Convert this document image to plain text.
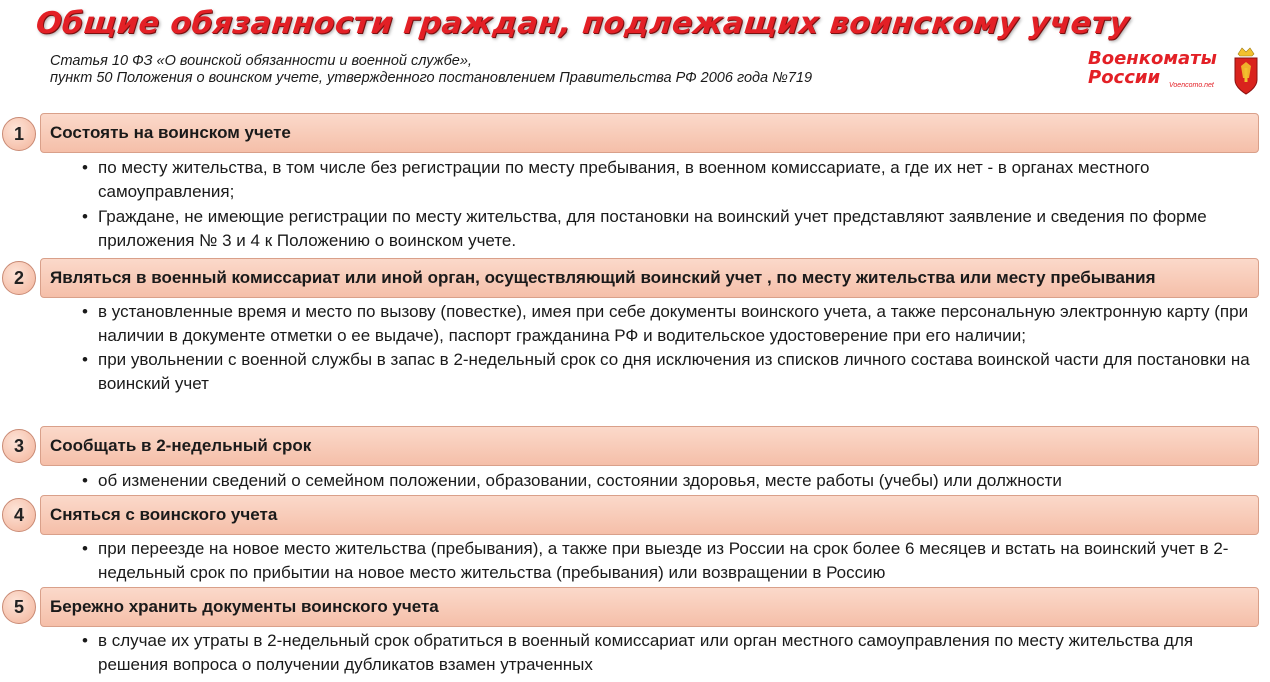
Общие обязанности граждан, подлежащих воинскому учету
Статья 10 ФЗ «О воинской обязанности и военной службе»,
пункт 50 Положения о воинском учете, утвержденного постановлением Правительства РФ 2006 года №719
Военкоматы
России	Voencomo.net
1	Состоять на воинском учете
• по месту жительства, в том числе без регистрации по месту пребывания, в военном комиссариате, а где их нет - в органах местного самоуправления;
• Граждане, не имеющие регистрации по месту жительства, для постановки на воинский учет представляют заявление и сведения по форме приложения № 3 и 4 к Положению о воинском учете.
2	Являться в военный комиссариат или иной орган, осуществляющий воинский учет , по месту жительства или месту пребывания
• в установленные время и место по вызову (повестке), имея при себе документы воинского учета, а также персональную электронную карту (при наличии в документе отметки о ее выдаче), паспорт гражданина РФ и водительское удостоверение при его наличии;
• при увольнении с военной службы в запас в 2-недельный срок со дня исключения из списков личного состава воинской части для постановки на воинский учет
3	Сообщать в 2-недельный срок
• об изменении сведений о семейном положении, образовании, состоянии здоровья, месте работы (учебы) или должности
4	Сняться с воинского учета
• при переезде на новое место жительства (пребывания), а также при выезде из России на срок более 6 месяцев и встать на воинский учет в 2-недельный срок по прибытии на новое место жительства (пребывания) или возвращении в Россию
5	Бережно хранить документы воинского учета
• в случае их утраты в 2-недельный срок обратиться в военный комиссариат или орган местного самоуправления по месту жительства для решения вопроса о получении дубликатов взамен утраченных
